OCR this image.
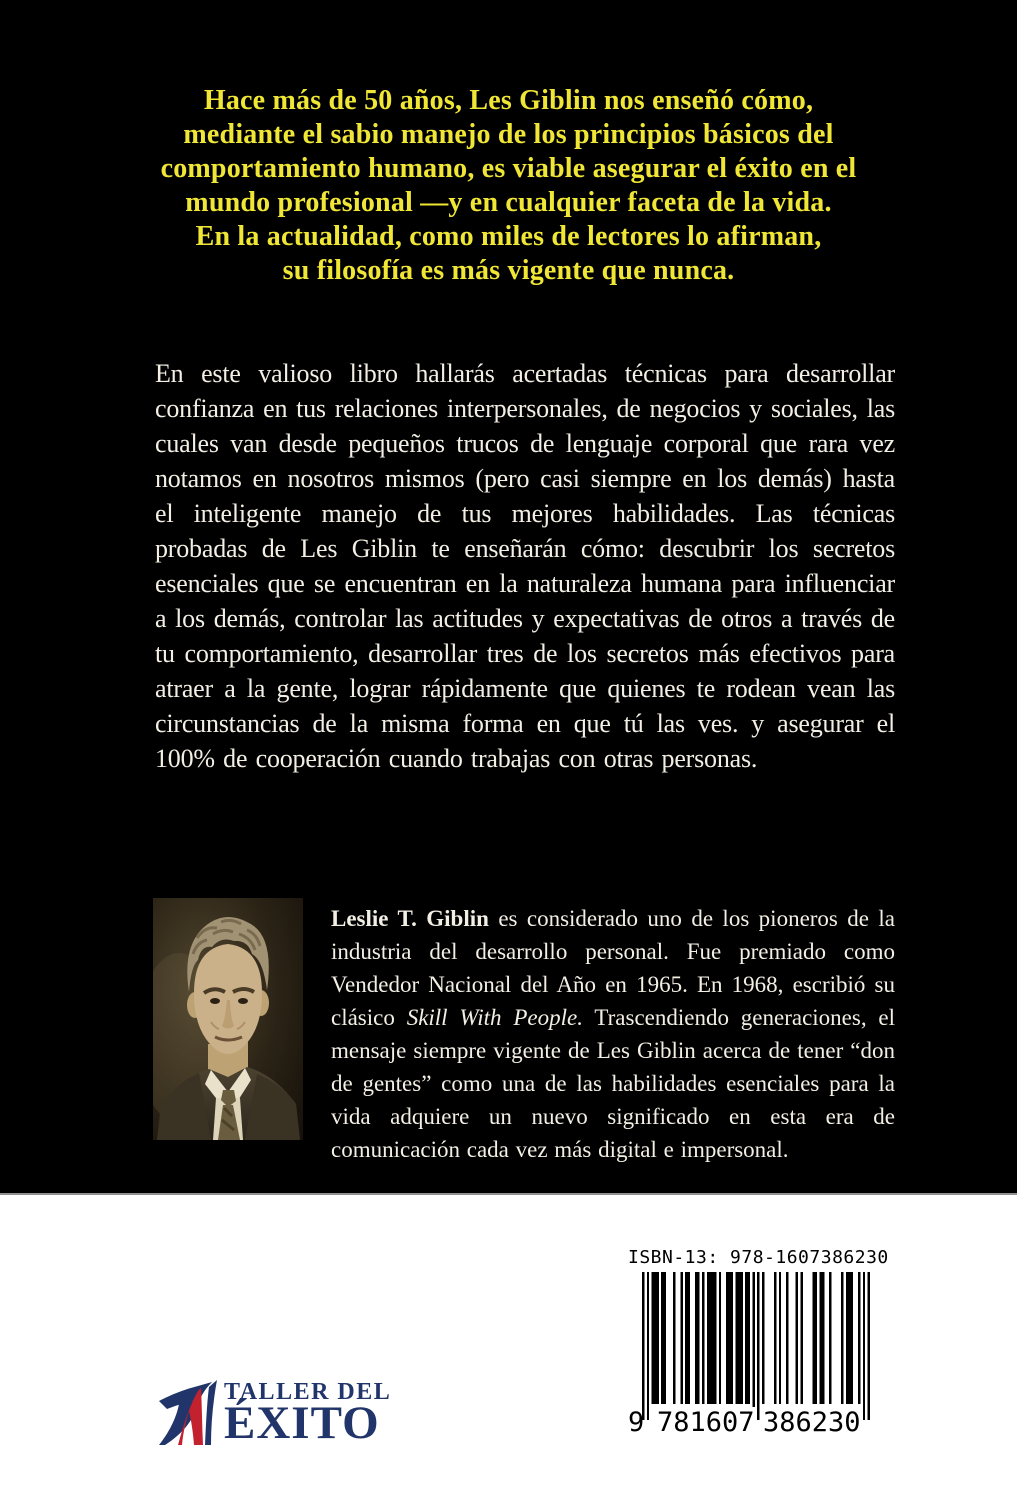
Hace más de 50 años, Les Giblin nos enseñó cómo,
mediante el sabio manejo de los principios básicos del
comportamiento humano, es viable asegurar el éxito en el
mundo profesional —y en cualquier faceta de la vida.
En la actualidad, como miles de lectores lo afirman,
su filosofía es más vigente que nunca.

En este valioso libro hallarás acertadas técnicas para desarrollar confianza en tus relaciones interpersonales, de negocios y sociales, las cuales van desde pequeños trucos de lenguaje corporal que rara vez notamos en nosotros mismos (pero casi siempre en los demás) hasta el inteligente manejo de tus mejores habilidades. Las técnicas probadas de Les Giblin te enseñarán cómo: descubrir los secretos esenciales que se encuentran en la naturaleza humana para influenciar a los demás, controlar las actitudes y expectativas de otros a través de tu comportamiento, desarrollar tres de los secretos más efectivos para atraer a la gente, lograr rápidamente que quienes te rodean vean las circunstancias de la misma forma en que tú las ves. y asegurar el 100% de cooperación cuando trabajas con otras personas.

Leslie T. Giblin es considerado uno de los pioneros de la industria del desarrollo personal. Fue premiado como Vendedor Nacional del Año en 1965. En 1968, escribió su clásico Skill With People. Trascendiendo generaciones, el mensaje siempre vigente de Les Giblin acerca de tener “don de gentes” como una de las habilidades esenciales para la vida adquiere un nuevo significado en esta era de comunicación cada vez más digital e impersonal.

TALLER DEL
ÉXITO
ISBN-13: 978-1607386230
9 781607 386230
